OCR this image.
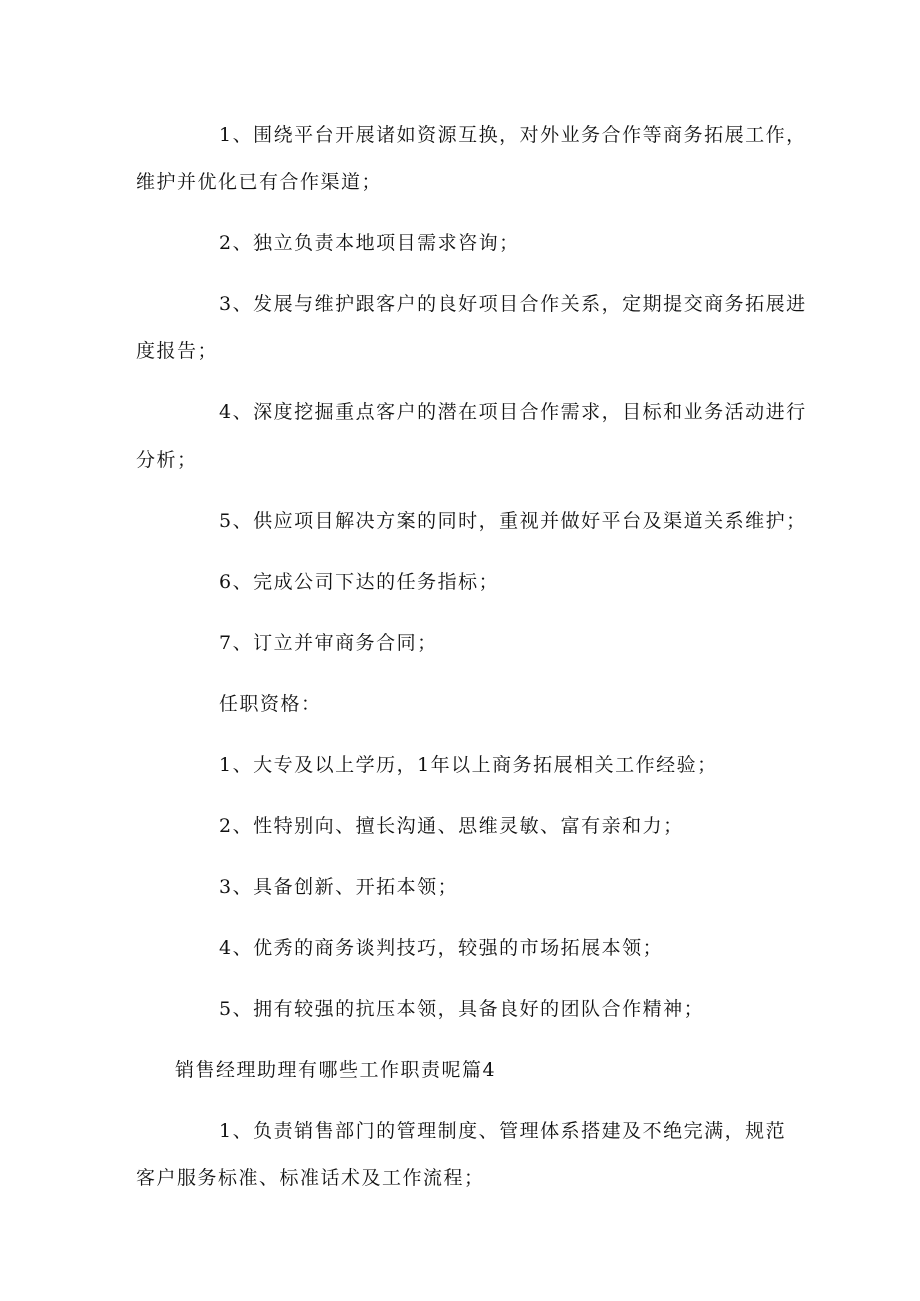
1、围绕平台开展诸如资源互换，对外业务合作等商务拓展工作，
维护并优化已有合作渠道；
2、独立负责本地项目需求咨询；
3、发展与维护跟客户的良好项目合作关系，定期提交商务拓展进
度报告；
4、深度挖掘重点客户的潜在项目合作需求，目标和业务活动进行
分析；
5、供应项目解决方案的同时，重视并做好平台及渠道关系维护；
6、完成公司下达的任务指标；
7、订立并审商务合同；
任职资格：
1、大专及以上学历，1年以上商务拓展相关工作经验；
2、性特别向、擅长沟通、思维灵敏、富有亲和力；
3、具备创新、开拓本领；
4、优秀的商务谈判技巧，较强的市场拓展本领；
5、拥有较强的抗压本领，具备良好的团队合作精神；
销售经理助理有哪些工作职责呢篇4
1、负责销售部门的管理制度、管理体系搭建及不绝完满，规范
客户服务标准、标准话术及工作流程；
